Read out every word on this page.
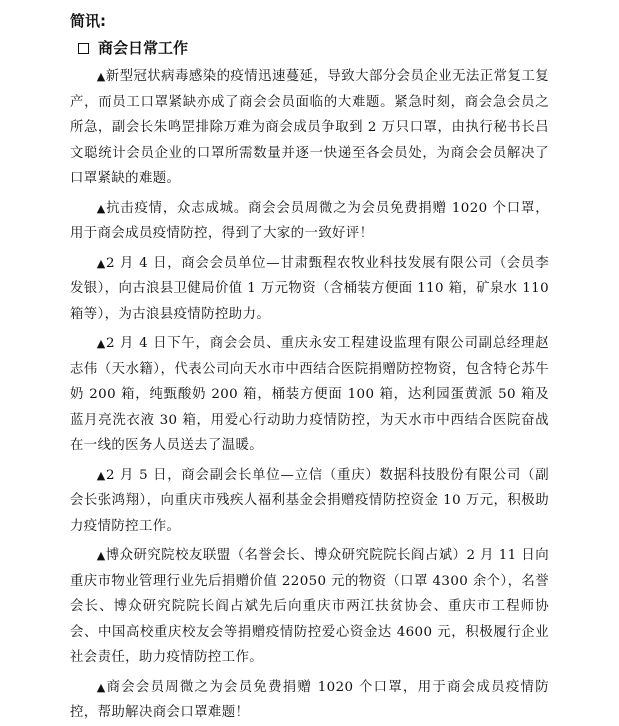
简讯:
商会日常工作

▲新型冠状病毒感染的疫情迅速蔓延，导致大部分会员企业无法正常复工复产，而员工口罩紧缺亦成了商会会员面临的大难题。紧急时刻，商会急会员之所急，副会长朱鸣罡排除万难为商会成员争取到 2 万只口罩，由执行秘书长吕文聪统计会员企业的口罩所需数量并逐一快递至各会员处，为商会会员解决了口罩紧缺的难题。

▲抗击疫情，众志成城。商会会员周微之为会员免费捐赠 1020 个口罩，用于商会成员疫情防控，得到了大家的一致好评！

▲2 月 4 日，商会会员单位—甘肃甄程农牧业科技发展有限公司（会员李发银），向古浪县卫健局价值 1 万元物资（含桶装方便面 110 箱，矿泉水 110 箱等），为古浪县疫情防控助力。

▲2 月 4 日下午，商会会员、重庆永安工程建设监理有限公司副总经理赵志伟（天水籍），代表公司向天水市中西结合医院捐赠防控物资，包含特仑苏牛奶 200 箱，纯甄酸奶 200 箱，桶装方便面 100 箱，达利园蛋黄派 50 箱及蓝月亮洗衣液 30 箱，用爱心行动助力疫情防控，为天水市中西结合医院奋战在一线的医务人员送去了温暖。

▲2 月 5 日，商会副会长单位—立信（重庆）数据科技股份有限公司（副会长张鸿翔），向重庆市残疾人福利基金会捐赠疫情防控资金 10 万元，积极助力疫情防控工作。

▲博众研究院校友联盟（名誉会长、博众研究院院长阎占斌）2 月 11 日向重庆市物业管理行业先后捐赠价值 22050 元的物资（口罩 4300 余个），名誉会长、博众研究院院长阎占斌先后向重庆市两江扶贫协会、重庆市工程师协会、中国高校重庆校友会等捐赠疫情防控爱心资金达 4600 元，积极履行企业社会责任，助力疫情防控工作。

▲商会会员周微之为会员免费捐赠 1020 个口罩，用于商会成员疫情防控，帮助解决商会口罩难题！
